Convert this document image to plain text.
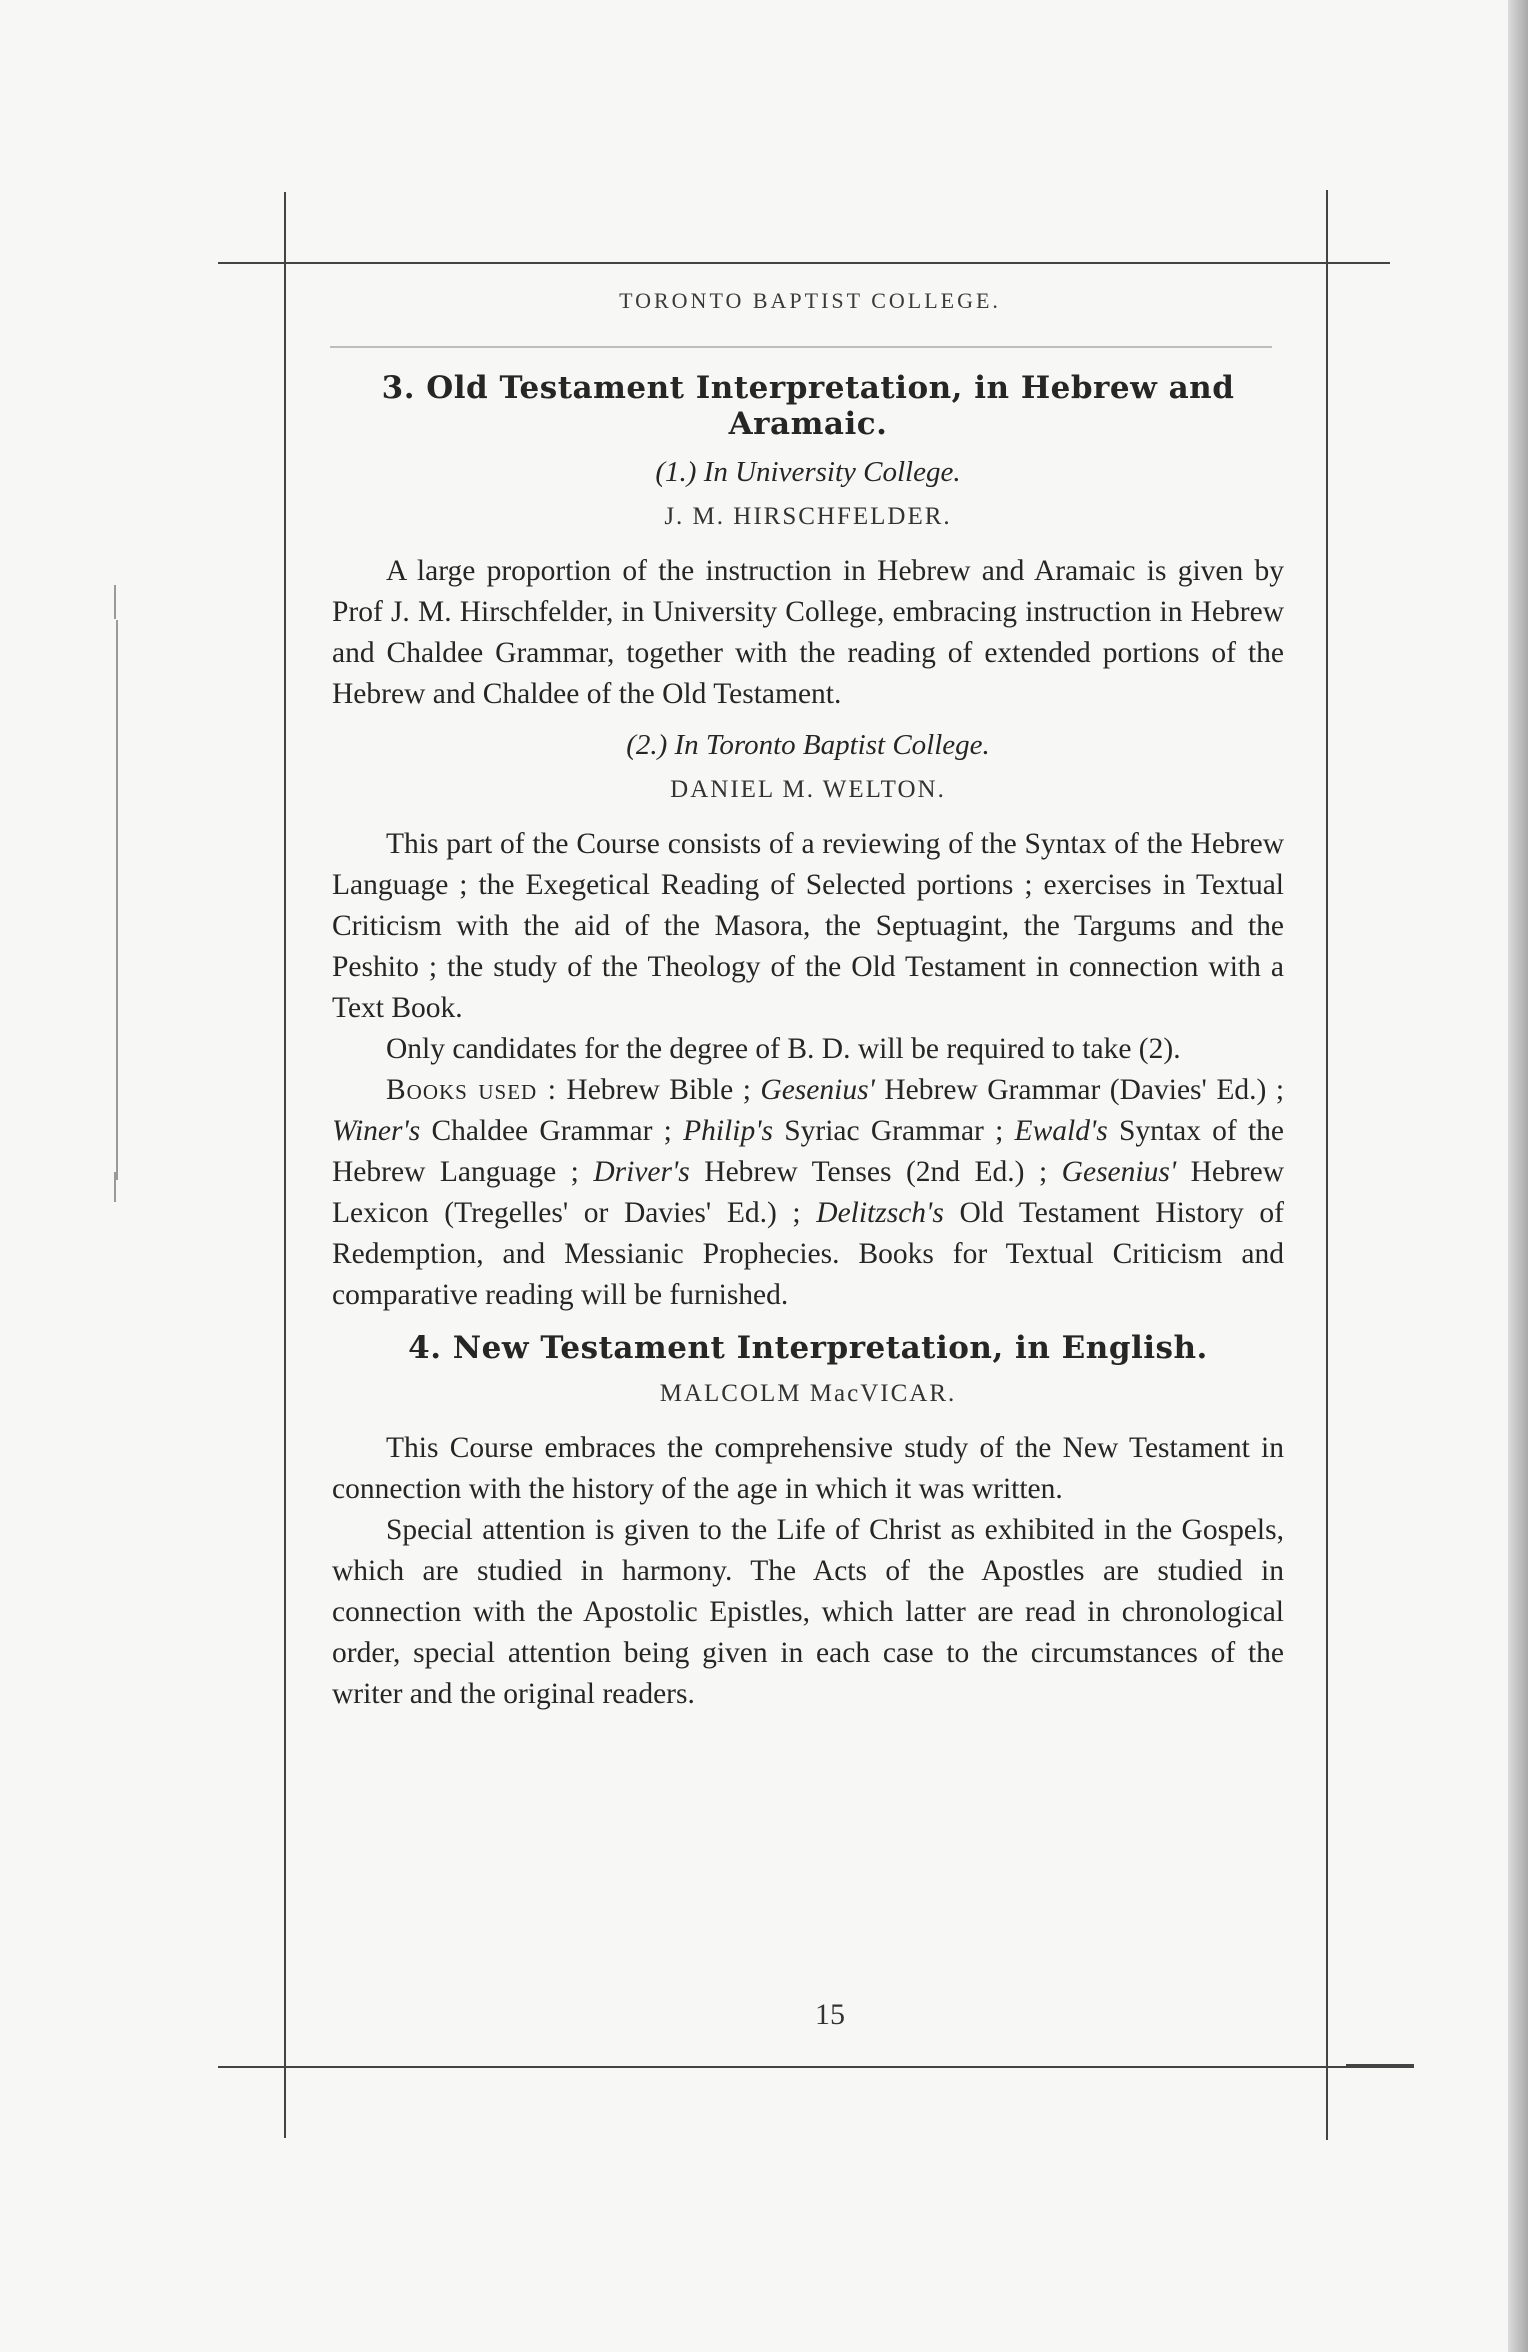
TORONTO BAPTIST COLLEGE.
3. Old Testament Interpretation, in Hebrew and Aramaic.
(1.) In University College.
J. M. HIRSCHFELDER.

A large proportion of the instruction in Hebrew and Aramaic is given by Prof J. M. Hirschfelder, in University College, embracing instruction in Hebrew and Chaldee Grammar, together with the reading of extended portions of the Hebrew and Chaldee of the Old Testament.

(2.) In Toronto Baptist College.
DANIEL M. WELTON.

This part of the Course consists of a reviewing of the Syntax of the Hebrew Language ; the Exegetical Reading of Selected portions ; exercises in Textual Criticism with the aid of the Masora, the Septuagint, the Targums and the Peshito ; the study of the Theology of the Old Testament in connection with a Text Book.

Only candidates for the degree of B. D. will be required to take (2).

Books used : Hebrew Bible ; Gesenius' Hebrew Grammar (Davies' Ed.) ; Winer's Chaldee Grammar ; Philip's Syriac Grammar ; Ewald's Syntax of the Hebrew Language ; Driver's Hebrew Tenses (2nd Ed.) ; Gesenius' Hebrew Lexicon (Tregelles' or Davies' Ed.) ; Delitzsch's Old Testament History of Redemption, and Messianic Prophecies. Books for Textual Criticism and comparative reading will be furnished.

4. New Testament Interpretation, in English.
MALCOLM MacVICAR.

This Course embraces the comprehensive study of the New Testament in connection with the history of the age in which it was written.

Special attention is given to the Life of Christ as exhibited in the Gospels, which are studied in harmony. The Acts of the Apostles are studied in connection with the Apostolic Epistles, which latter are read in chronological order, special attention being given in each case to the circumstances of the writer and the original readers.

15
